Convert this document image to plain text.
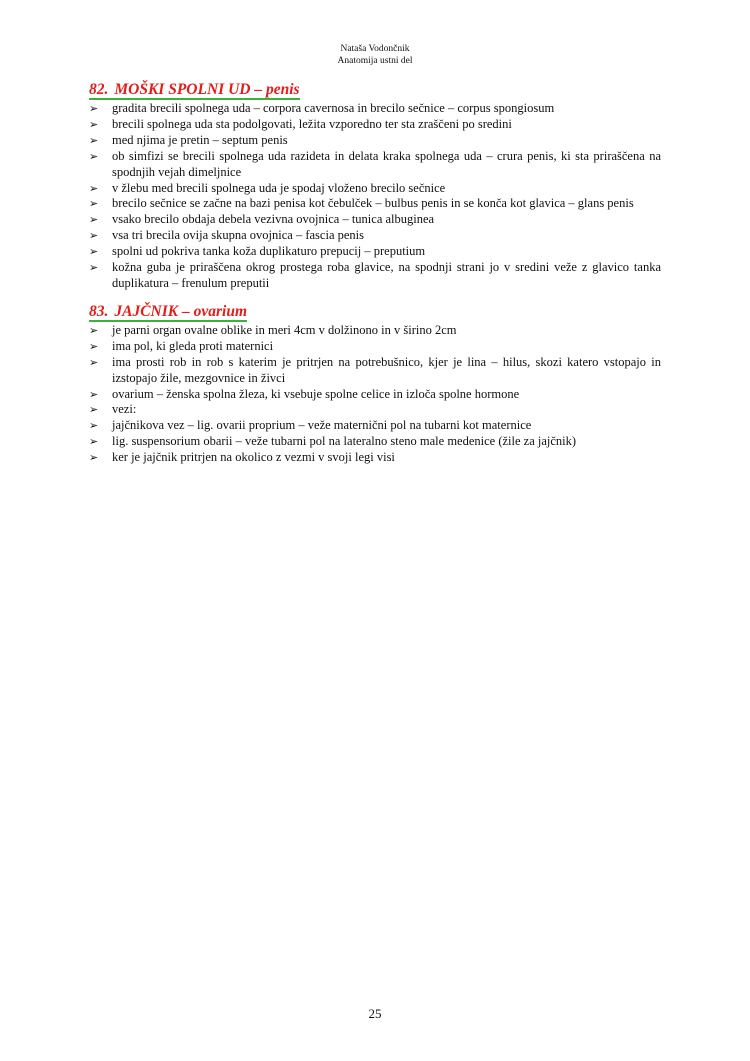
Nataša Vodončnik
Anatomija ustni del
82. MOŠKI SPOLNI UD – penis
➢ gradita brecili spolnega uda – corpora cavernosa in brecilo sečnice – corpus spongiosum
➢ brecili spolnega uda sta podolgovati, ležita vzporedno ter sta zraščeni po sredini
➢ med njima je pretin – septum penis
➢ ob simfizi se brecili spolnega uda razideta in delata kraka spolnega uda – crura penis, ki sta priraščena na spodnjih vejah dimeljnice
➢ v žlebu med brecili spolnega uda je spodaj vloženo brecilo sečnice
➢ brecilo sečnice se začne na bazi penisa kot čebulček – bulbus penis in se konča kot glavica – glans penis
➢ vsako brecilo obdaja debela vezivna ovojnica – tunica albuginea
➢ vsa tri brecila ovija skupna ovojnica – fascia penis
➢ spolni ud pokriva tanka koža duplikaturo prepucij – preputium
➢ kožna guba je priraščena okrog prostega roba glavice, na spodnji strani jo v sredini veže z glavico tanka duplikatura – frenulum preputii
83. JAJČNIK – ovarium
➢ je parni organ ovalne oblike in meri 4cm v dolžinono in v širino 2cm
➢ ima pol, ki gleda proti maternici
➢ ima prosti rob in rob s katerim je pritrjen na potrebušnico, kjer je lina – hilus, skozi katero vstopajo in izstopajo žile, mezgovnice in živci
➢ ovarium – ženska spolna žleza, ki vsebuje spolne celice in izloča spolne hormone
➢ vezi:
➢ jajčnikova vez – lig. ovarii proprium – veže maternični pol na tubarni kot maternice
➢ lig. suspensorium obarii – veže tubarni pol na lateralno steno male medenice (žile za jajčnik)
➢ ker je jajčnik pritrjen na okolico z vezmi v svoji legi visi
25
